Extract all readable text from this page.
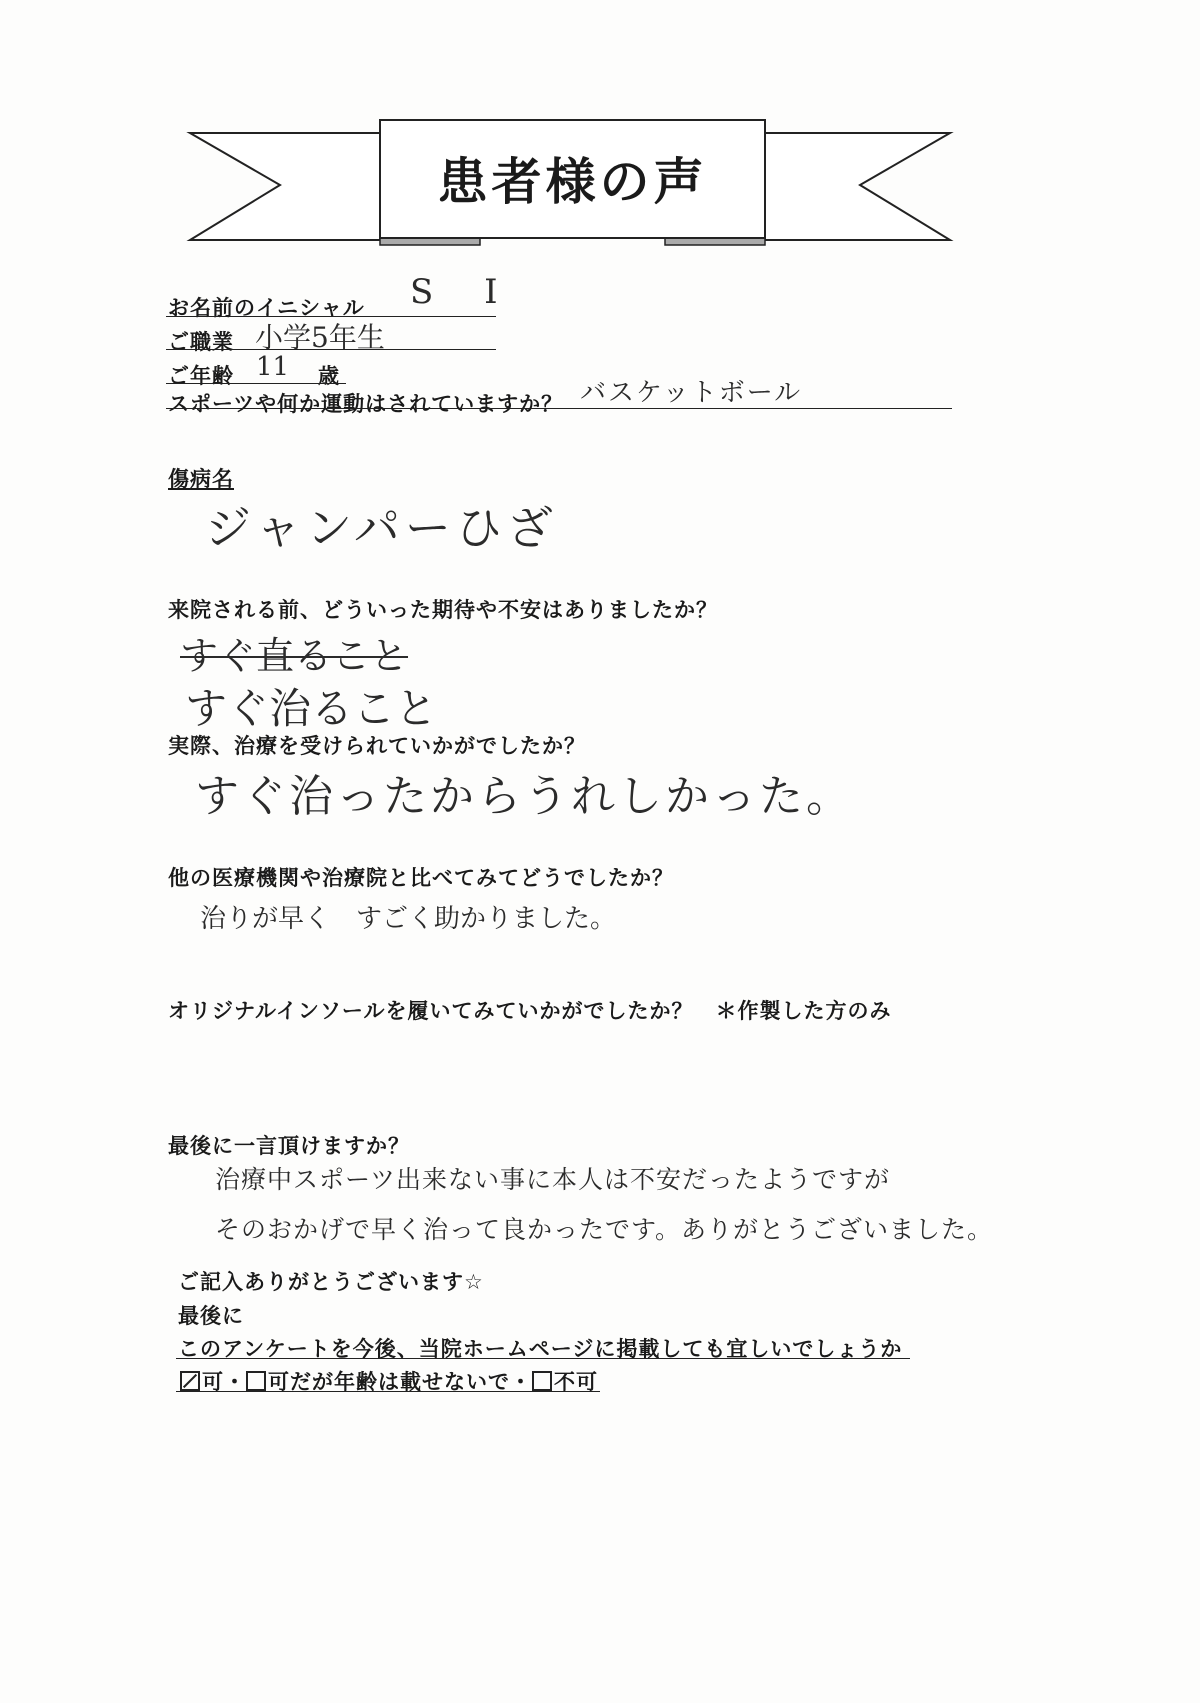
患者様の声
お名前のイニシャル S I
ご職業 小学5年生
ご年齢 11 歳
スポーツや何か運動はされていますか？ バスケットボール
傷病名
ジャンパーひざ
来院される前、どういった期待や不安はありましたか？
すぐ直ること
すぐ治ること
実際、治療を受けられていかがでしたか？
すぐ治ったからうれしかった。
他の医療機関や治療院と比べてみてどうでしたか？
治りが早く　すごく助かりました。
オリジナルインソールを履いてみていかがでしたか？　＊作製した方のみ
最後に一言頂けますか？
治療中スポーツ出来ない事に本人は不安だったようですが
そのおかげで早く治って良かったです。ありがとうございました。
ご記入ありがとうございます☆
最後に
このアンケートを今後、当院ホームページに掲載しても宜しいでしょうか
可・ 可だが年齢は載せないで・ 不可
